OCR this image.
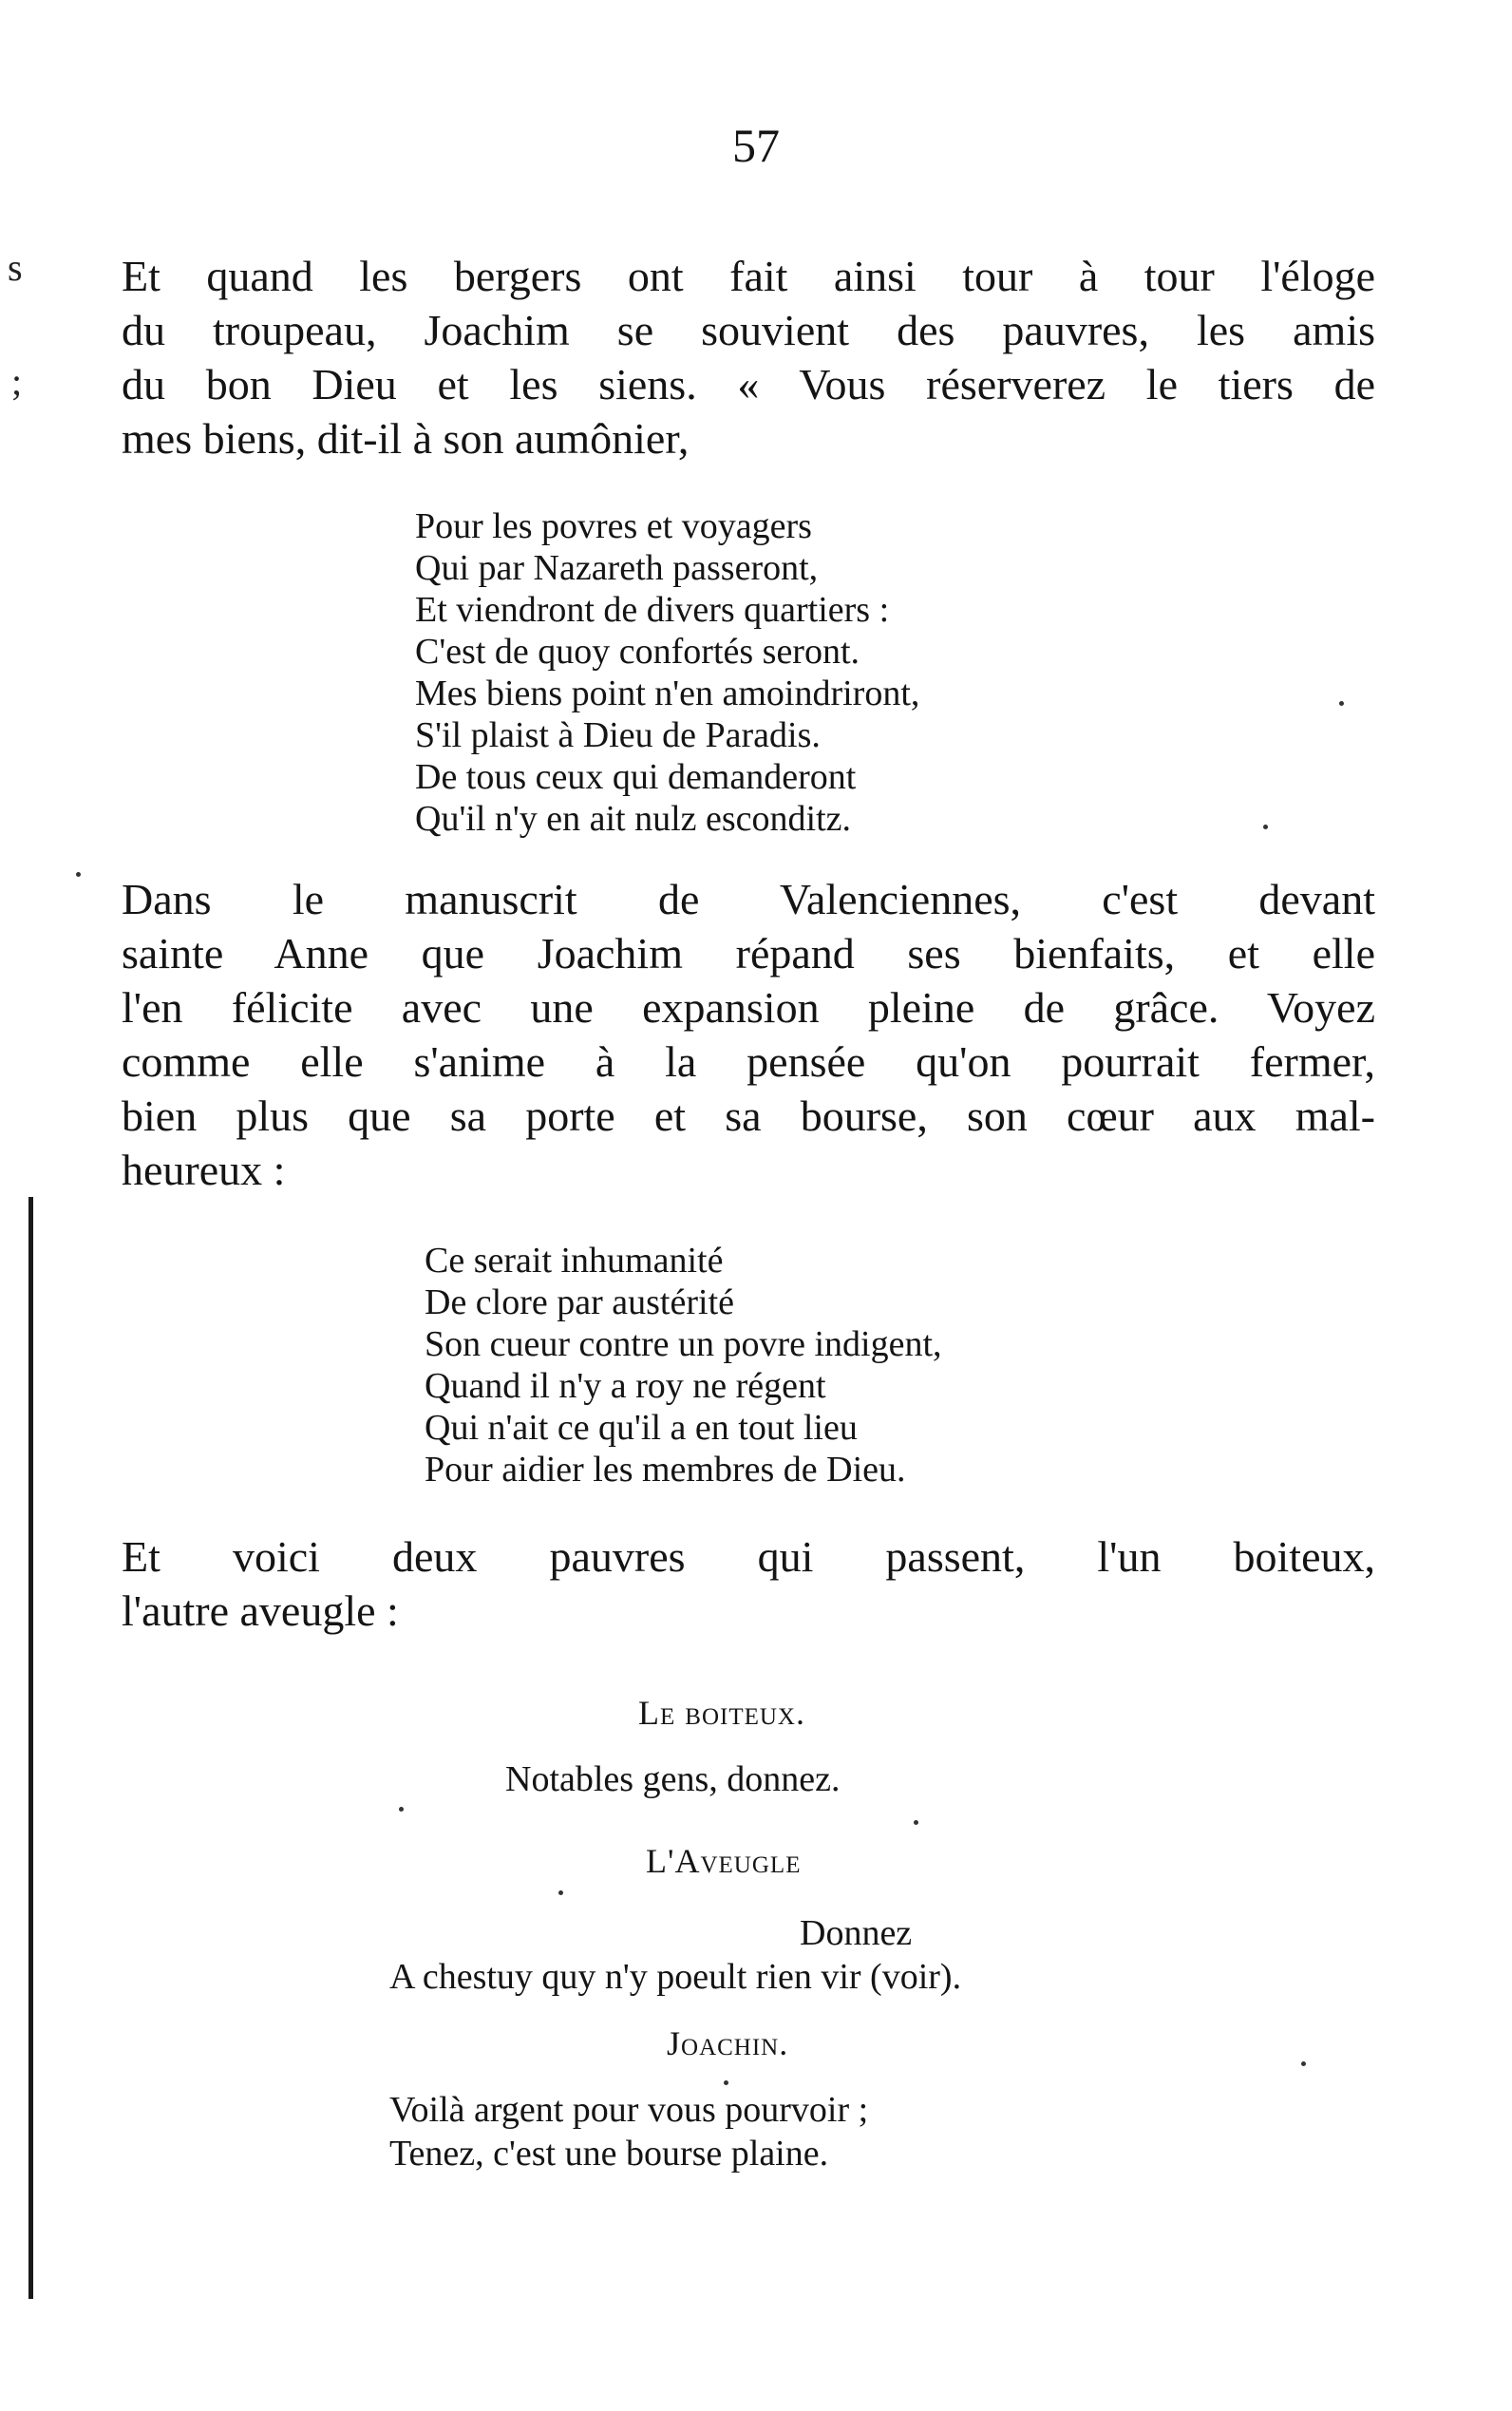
s
;
57
Et quand les bergers ont fait ainsi tour à tour l'éloge
du troupeau, Joachim se souvient des pauvres, les amis
du bon Dieu et les siens. « Vous réserverez le tiers de
mes biens, dit-il à son aumônier,
Pour les povres et voyagers
Qui par Nazareth passeront,
Et viendront de divers quartiers :
C'est de quoy confortés seront.
Mes biens point n'en amoindriront,
S'il plaist à Dieu de Paradis.
De tous ceux qui demanderont
Qu'il n'y en ait nulz esconditz.
Dans le manuscrit de Valenciennes, c'est devant
sainte Anne que Joachim répand ses bienfaits, et elle
l'en félicite avec une expansion pleine de grâce. Voyez
comme elle s'anime à la pensée qu'on pourrait fermer,
bien plus que sa porte et sa bourse, son cœur aux mal-
heureux :
Ce serait inhumanité
De clore par austérité
Son cueur contre un povre indigent,
Quand il n'y a roy ne régent
Qui n'ait ce qu'il a en tout lieu
Pour aidier les membres de Dieu.
Et voici deux pauvres qui passent, l'un boiteux,
l'autre aveugle :
Le boiteux.

Notables gens, donnez.

L'Aveugle

Donnez

A chestuy quy n'y poeult rien vir (voir).

Joachin.

Voilà argent pour vous pourvoir ;
Tenez, c'est une bourse plaine.
